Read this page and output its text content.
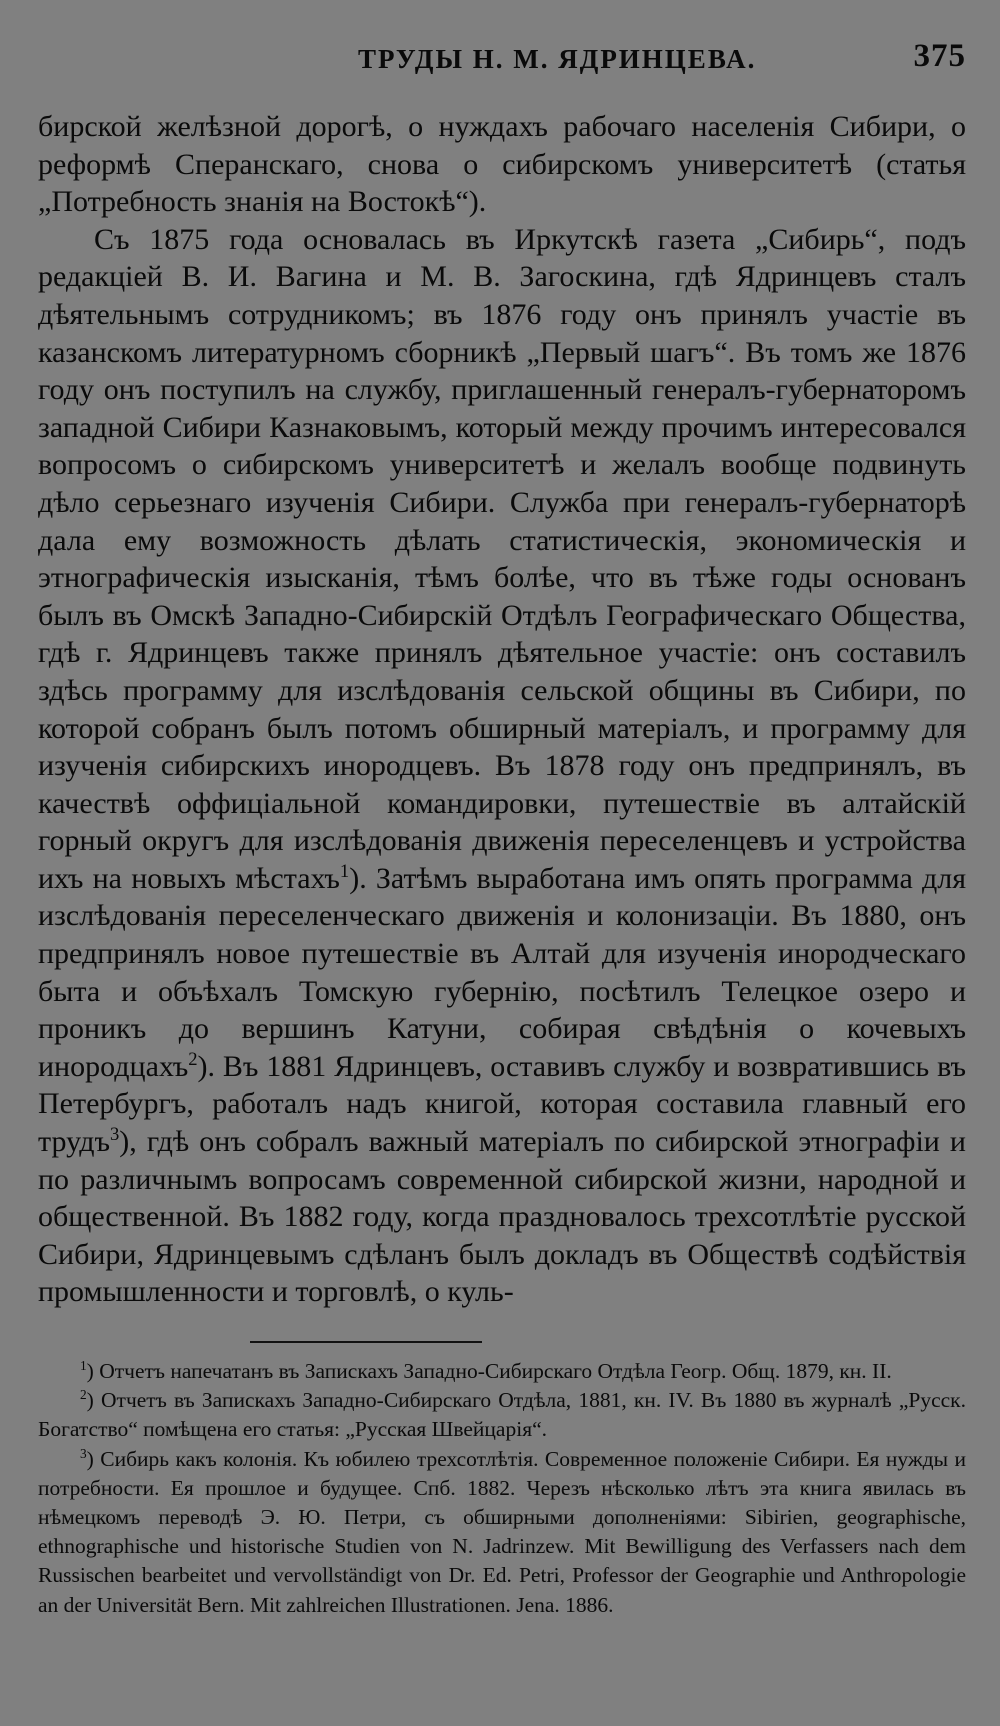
ТРУДЫ Н. М. ЯДРИНЦЕВА.	375

бирской желѣзной дорогѣ, о нуждахъ рабочаго населенія Сибири, о реформѣ Сперанскаго, снова о сибирскомъ университетѣ (статья „Потребность знанія на Востокѣ“).

Съ 1875 года основалась въ Иркутскѣ газета „Сибирь“, подъ редакціей В. И. Вагина и М. В. Загоскина, гдѣ Ядринцевъ сталъ дѣятельнымъ сотрудникомъ; въ 1876 году онъ принялъ участіе въ казанскомъ литературномъ сборникѣ „Первый шагъ“. Въ томъ же 1876 году онъ поступилъ на службу, приглашенный генералъ-губернаторомъ западной Сибири Казнаковымъ, который между прочимъ интересовался вопросомъ о сибирскомъ университетѣ и желалъ вообще подвинуть дѣло серьезнаго изученія Сибири. Служба при генералъ-губернаторѣ дала ему возможность дѣлать статистическія, экономическія и этнографическія изысканія, тѣмъ болѣе, что въ тѣже годы основанъ былъ въ Омскѣ Западно-Сибирскій Отдѣлъ Географическаго Общества, гдѣ г. Ядринцевъ также принялъ дѣятельное участіе: онъ составилъ здѣсь программу для изслѣдованія сельской общины въ Сибири, по которой собранъ былъ потомъ обширный матеріалъ, и программу для изученія сибирскихъ инородцевъ. Въ 1878 году онъ предпринялъ, въ качествѣ оффиціальной командировки, путешествіе въ алтайскій горный округъ для изслѣдованія движенія переселенцевъ и устройства ихъ на новыхъ мѣстахъ$^1$). Затѣмъ выработана имъ опять программа для изслѣдованія переселенческаго движенія и колонизаціи. Въ 1880, онъ предпринялъ новое путешествіе въ Алтай для изученія инородческаго быта и объѣхалъ Томскую губернію, посѣтилъ Телецкое озеро и проникъ до вершинъ Катуни, собирая свѣдѣнія о кочевыхъ инородцахъ$^2$). Въ 1881 Ядринцевъ, оставивъ службу и возвратившись въ Петербургъ, работалъ надъ книгой, которая составила главный его трудъ$^3$), гдѣ онъ собралъ важный матеріалъ по сибирской этнографіи и по различнымъ вопросамъ современной сибирской жизни, народной и общественной. Въ 1882 году, когда праздновалось трехсотлѣтіе русской Сибири, Ядринцевымъ сдѣланъ былъ докладъ въ Обществѣ содѣйствія промышленности и торговлѣ, о куль-

$^1$) Отчетъ напечатанъ въ Запискахъ Западно-Сибирскаго Отдѣла Геогр. Общ. 1879, кн. II.

$^2$) Отчетъ въ Запискахъ Западно-Сибирскаго Отдѣла, 1881, кн. IV. Въ 1880 въ журналѣ „Русск. Богатство“ помѣщена его статья: „Русская Швейцарія“.

$^3$) Сибирь какъ колонія. Къ юбилею трехсотлѣтія. Современное положеніе Сибири. Ея нужды и потребности. Ея прошлое и будущее. Спб. 1882. Черезъ нѣсколько лѣтъ эта книга явилась въ нѣмецкомъ переводѣ Э. Ю. Петри, съ обширными дополненіями: Sibirien, geographische, ethnographische und historische Studien von N. Jadrinzew. Mit Bewilligung des Verfassers nach dem Russischen bearbeitet und vervollständigt von Dr. Ed. Petri, Professor der Geographie und Anthropologie an der Universität Bern. Mit zahlreichen Illustrationen. Jena. 1886.
